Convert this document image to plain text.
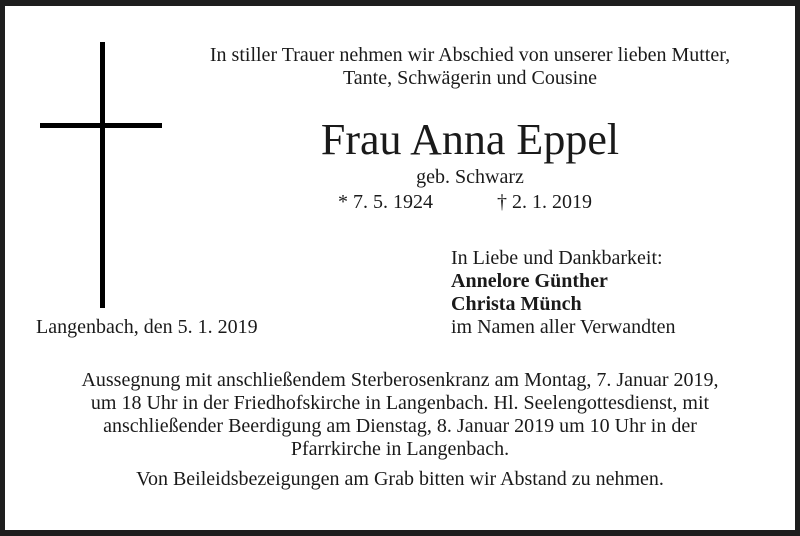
In stiller Trauer nehmen wir Abschied von unserer lieben Mutter,
Tante, Schwägerin und Cousine
Frau Anna Eppel
geb. Schwarz
* 7. 5. 1924	† 2. 1. 2019
In Liebe und Dankbarkeit:
Annelore Günther
Christa Münch
im Namen aller Verwandten
Langenbach, den 5. 1. 2019
Aussegnung mit anschließendem Sterberosenkranz am Montag, 7. Januar 2019,
um 18 Uhr in der Friedhofskirche in Langenbach. Hl. Seelengottesdienst, mit
anschließender Beerdigung am Dienstag, 8. Januar 2019 um 10 Uhr in der
Pfarrkirche in Langenbach.
Von Beileidsbezeigungen am Grab bitten wir Abstand zu nehmen.
